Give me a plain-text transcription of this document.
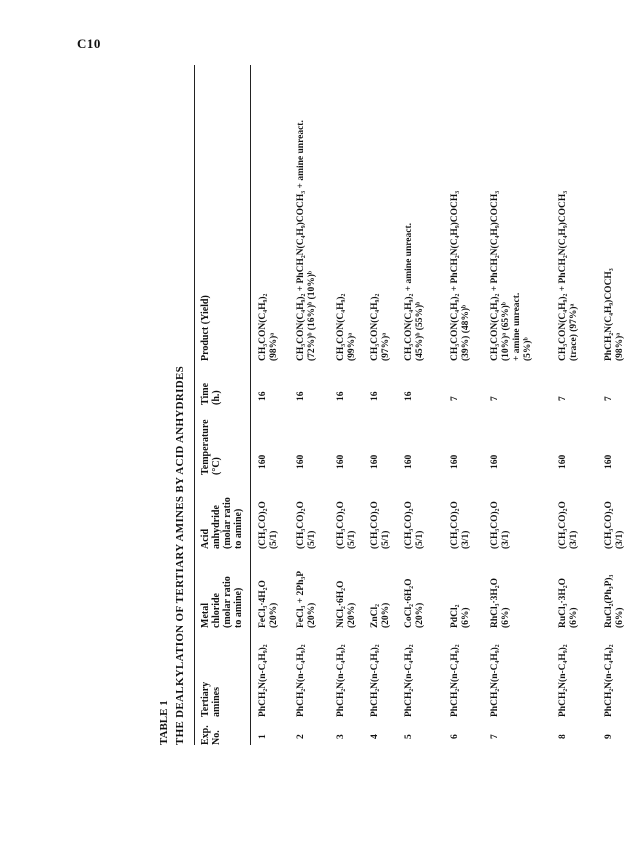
C10
TABLE 1 THE DEALKYLATION OF TERTIARY AMINES BY ACID ANHYDRIDES Exp.
No.
Tertiary
amines
Metal
chloride
(molar ratio
to amine)
Acid
anhydride
(molar ratio
to amine)
Temperature
(°C)
Time
(h.)
Product (Yield)
1
PhCH₂N(n-C₄H₉)₂
FeCl₃·4H₂O
(20%)
(CH₃CO)₂O
(5/1)
160
16
CH₃CON(C₄H₉)₂
(98%)ᵃ
2
PhCH₂N(n-C₄H₉)₂
FeCl₃ + 2Ph₃P
(20%)
(CH₃CO)₂O
(5/1)
160
16
CH₃CON(C₄H₉)₂ + PhCH₂N(C₄H₉)COCH₃ + amine unreact.
(72%)ᵇ (16%)ᵇ (10%)ᵇ
3
PhCH₂N(n-C₄H₉)₂
NiCl₂·6H₂O
(20%)
(CH₃CO)₂O
(5/1)
160
16
CH₃CON(C₄H₉)₂
(99%)ᵃ
4
PhCH₂N(n-C₄H₉)₂
ZnCl₂
(20%)
(CH₃CO)₂O
(5/1)
160
16
CH₃CON(C₄H₉)₂
(97%)ᵃ
5
PhCH₂N(n-C₄H₉)₂
CoCl₂·6H₂O
(20%)
(CH₃CO)₂O
(5/1)
160
16
CH₃CON(C₄H₉)₂ + amine unreact.
(45%)ᵇ (55%)ᵇ
6
PhCH₂N(n-C₄H₉)₂
PdCl₂
(6%)
(CH₃CO)₂O
(3/1)
160
7
CH₃CON(C₄H₉)₂ + PhCH₂N(C₄H₉)COCH₃
(39%) (48%)ᵇ
7
PhCH₂N(n-C₄H₉)₂
RhCl₃·3H₂O
(6%)
(CH₃CO)₂O
(3/1)
160
7
CH₃CON(C₄H₉)₂ + PhCH₂N(C₄H₉)COCH₃
(10%)ᵃ (65%)ᵇ
+ amine unreact.
(5%)ᵇ
8
PhCH₂N(n-C₄H₉)₂
RuCl₃·3H₂O
(6%)
(CH₃CO)₂O
(3/1)
160
7
CH₃CON(C₄H₉)₂ + PhCH₂N(C₄H₉)COCH₃
(trace) (97%)ᵃ
9
PhCH₂N(n-C₄H₉)₂
RuCl₂(Ph₃P)₃
(6%)
(CH₃CO)₂O
(3/1)
160
7
PhCH₂N(C₄H₉)COCH₃
(98%)ᵃ
